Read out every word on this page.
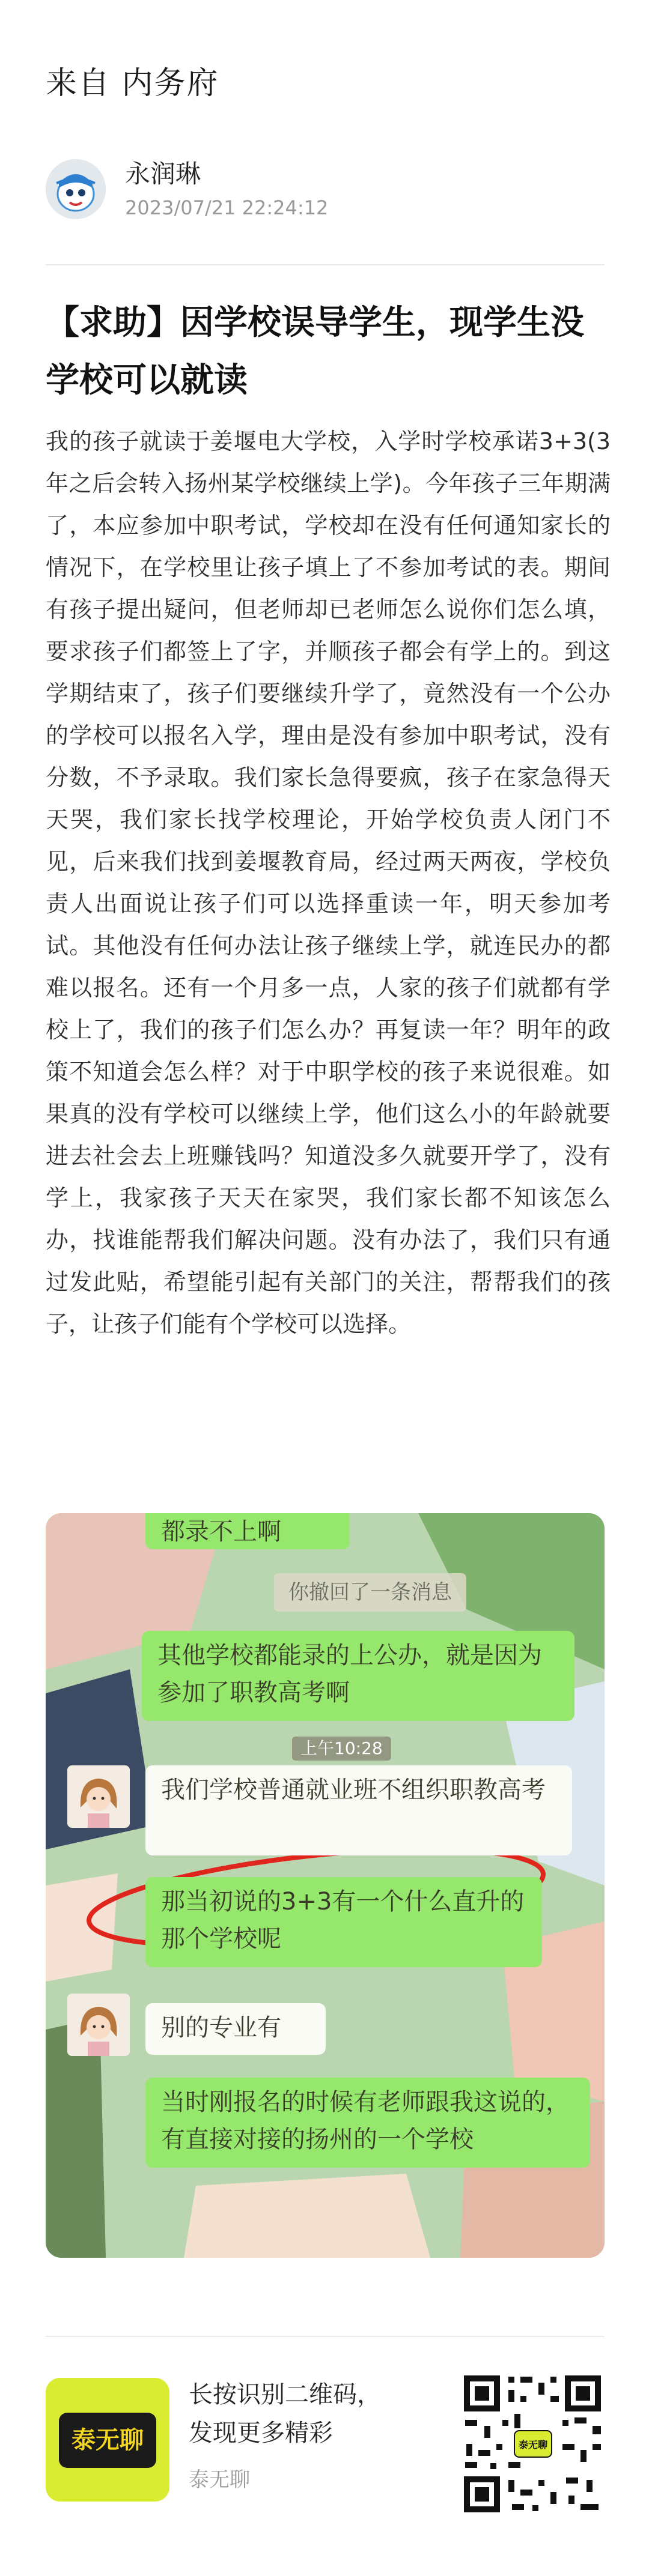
来自 内务府
永润琳
2023/07/21 22:24:12
【求助】因学校误导学生，现学生没学校可以就读
我的孩子就读于姜堰电大学校，入学时学校承诺3+3(3年之后会转入扬州某学校继续上学)。今年孩子三年期满了，本应参加中职考试，学校却在没有任何通知家长的情况下，在学校里让孩子填上了不参加考试的表。期间有孩子提出疑问，但老师却已老师怎么说你们怎么填，要求孩子们都签上了字，并顺孩子都会有学上的。到这学期结束了，孩子们要继续升学了，竟然没有一个公办的学校可以报名入学，理由是没有参加中职考试，没有分数，不予录取。我们家长急得要疯，孩子在家急得天天哭，我们家长找学校理论，开始学校负责人闭门不见，后来我们找到姜堰教育局，经过两天两夜，学校负责人出面说让孩子们可以选择重读一年，明天参加考试。其他没有任何办法让孩子继续上学，就连民办的都难以报名。还有一个月多一点，人家的孩子们就都有学校上了，我们的孩子们怎么办？再复读一年？明年的政策不知道会怎么样？对于中职学校的孩子来说很难。如果真的没有学校可以继续上学，他们这么小的年龄就要进去社会去上班赚钱吗？知道没多久就要开学了，没有学上，我家孩子天天在家哭，我们家长都不知该怎么办，找谁能帮我们解决问题。没有办法了，我们只有通过发此贴，希望能引起有关部门的关注，帮帮我们的孩子，让孩子们能有个学校可以选择。
都录不上啊
你撤回了一条消息
其他学校都能录的上公办，就是因为参加了职教高考啊
上午10:28
我们学校普通就业班不组织职教高考
那当初说的3+3有一个什么直升的那个学校呢
别的专业有
当时刚报名的时候有老师跟我这说的，有直接对接的扬州的一个学校
泰无聊
长按识别二维码，
发现更多精彩
泰无聊
泰无聊
